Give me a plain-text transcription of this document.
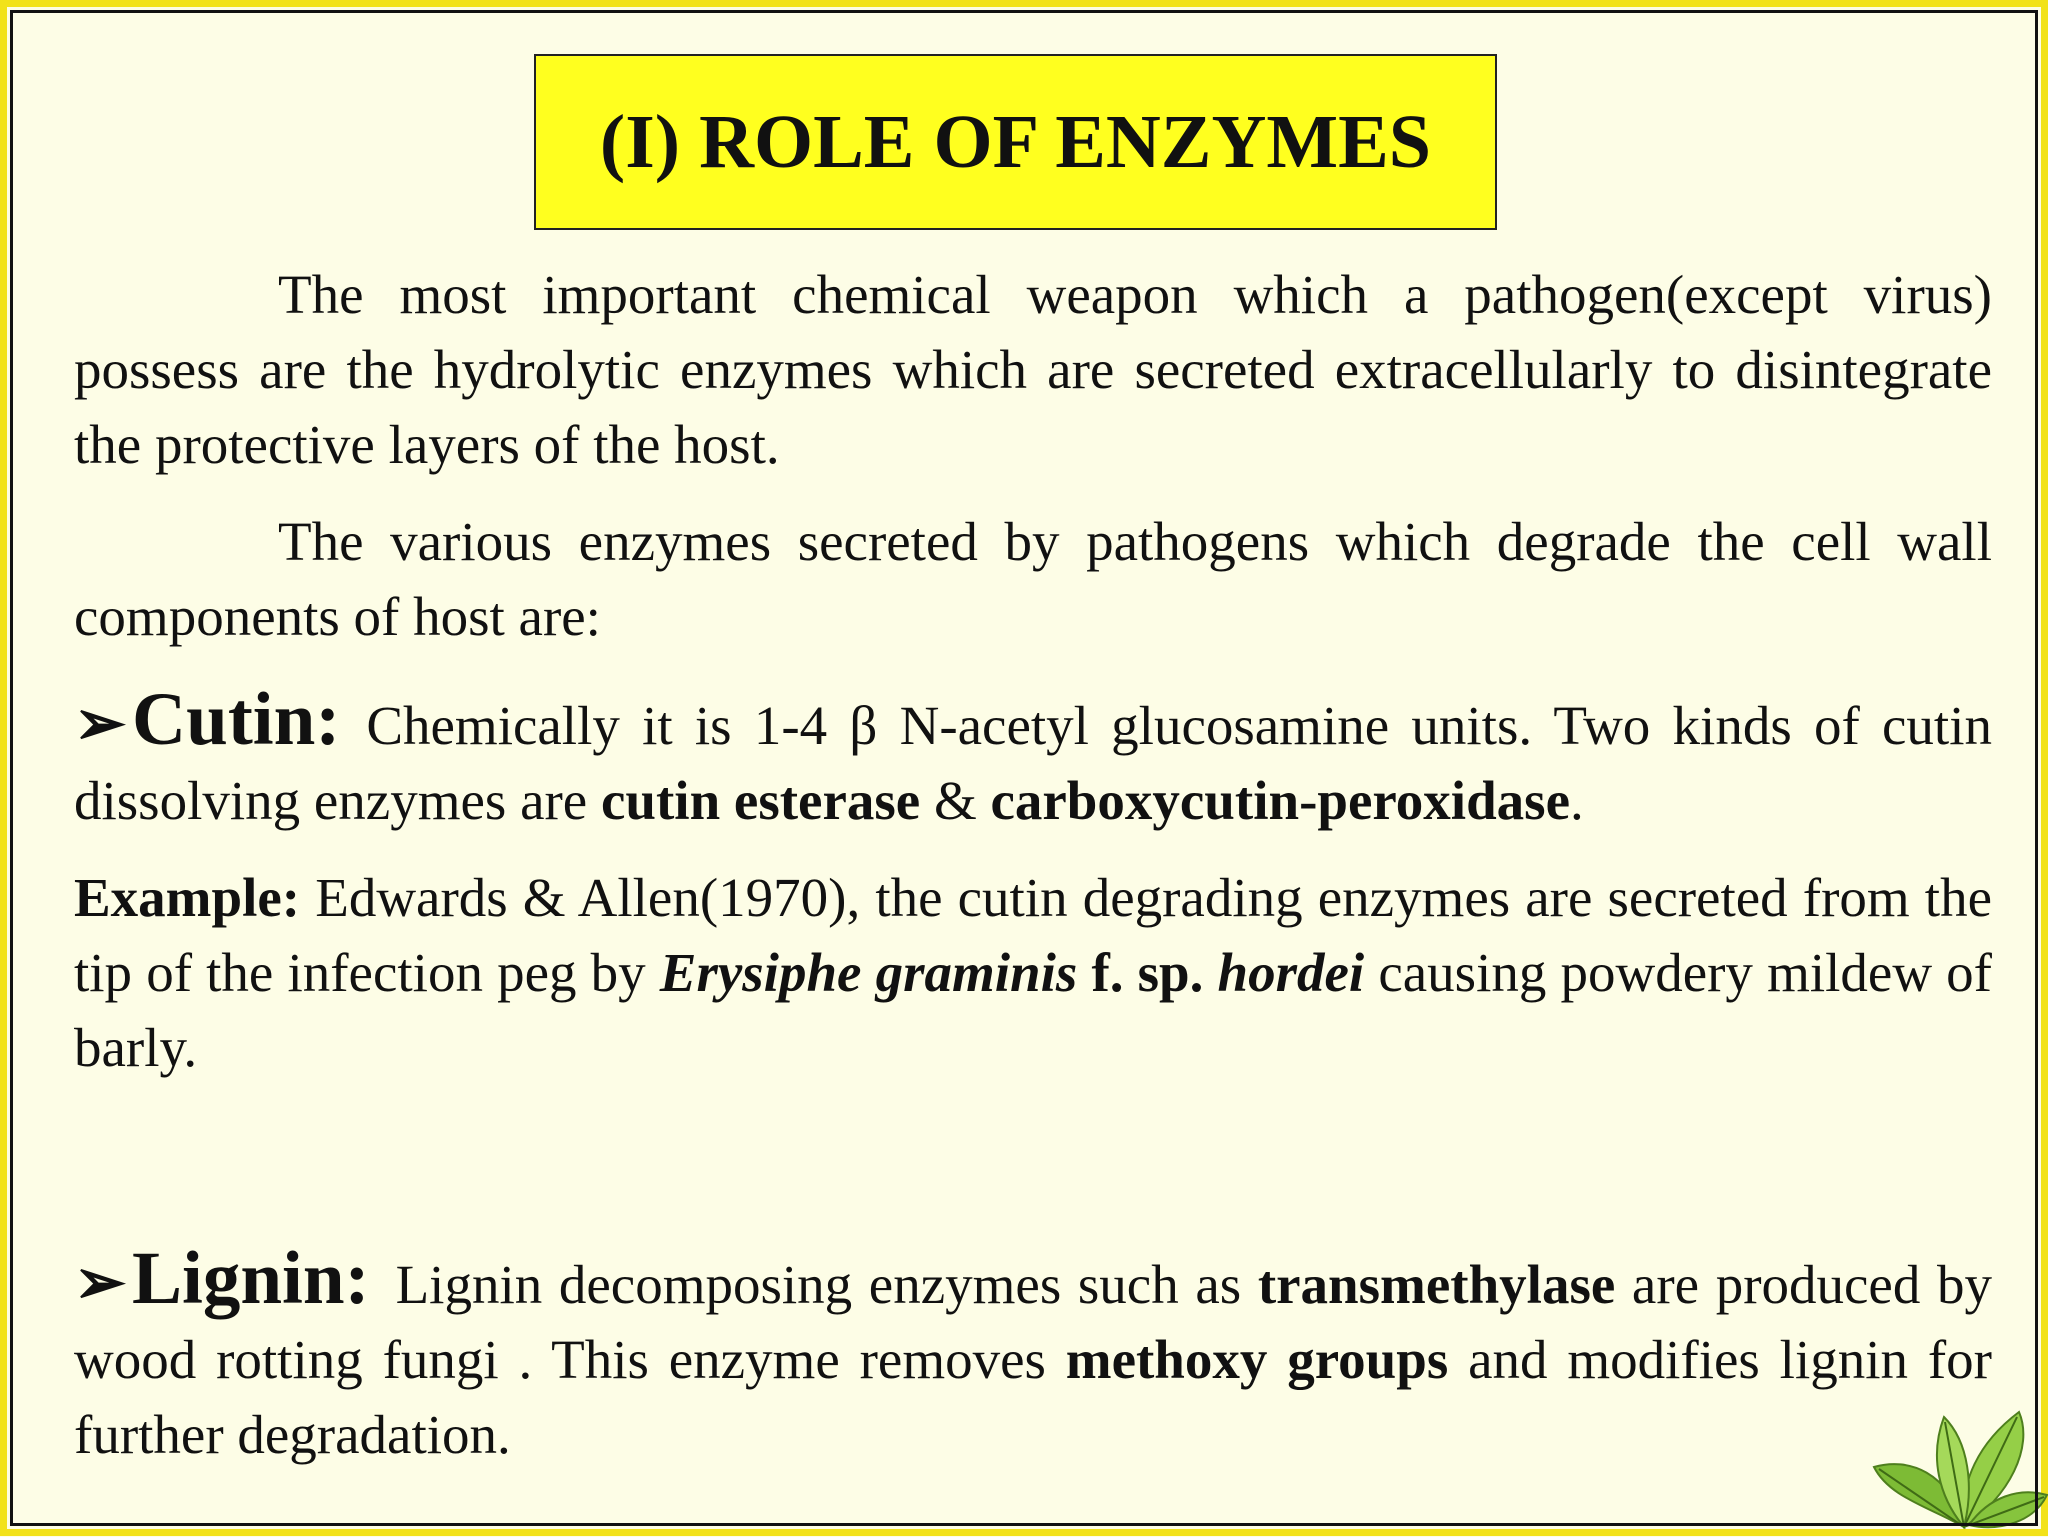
(I) ROLE OF ENZYMES

The most important chemical weapon which a pathogen(except virus) possess are the hydrolytic enzymes which are secreted extracellularly to disintegrate the protective layers of the host.

The various enzymes secreted by pathogens which degrade the cell wall components of host are:

➢Cutin: Chemically it is 1-4 β N-acetyl glucosamine units. Two kinds of cutin dissolving enzymes are cutin esterase & carboxycutin-peroxidase.

Example: Edwards & Allen(1970), the cutin degrading enzymes are secreted from the tip of the infection peg by Erysiphe graminis f. sp. hordei causing powdery mildew of barly.

➢Lignin: Lignin decomposing enzymes such as transmethylase are produced by wood rotting fungi . This enzyme removes methoxy groups and modifies lignin for further degradation.
